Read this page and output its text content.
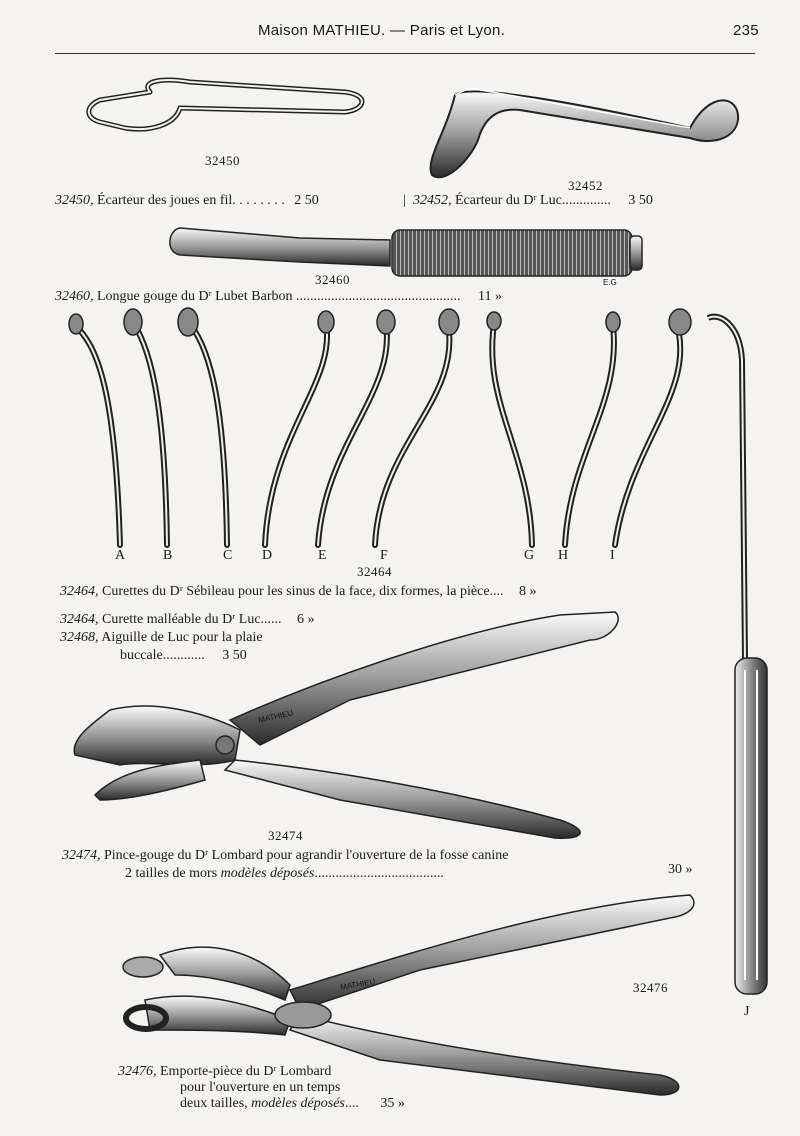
Maison MATHIEU. — Paris et Lyon.	235
MATHIEU
MATHIEU
E.G
32450
32452
32460
32464
32474
32476
A	B	C D	E	F	G H	I
J
32450, Écarteur des joues en fil. . . . . . . . 2 50	| 32452, Écarteur du Dʳ Luc.............. 3 50
32460, Longue gouge du Dʳ Lubet Barbon ............................................... 11 »
32464, Curettes du Dʳ Sébileau pour les sinus de la face, dix formes, la pièce.... 8 »
32464, Curette malléable du Dʳ Luc...... 6 »
32468, Aiguille de Luc pour la plaie
buccale............ 3 50
32474, Pince-gouge du Dʳ Lombard pour agrandir l'ouverture de la fosse canine
2 tailles de mors modèles déposés.....................................	30 »
32476, Emporte-pièce du Dʳ Lombard
pour l'ouverture en un temps
deux tailles, modèles déposés.... 35 »
